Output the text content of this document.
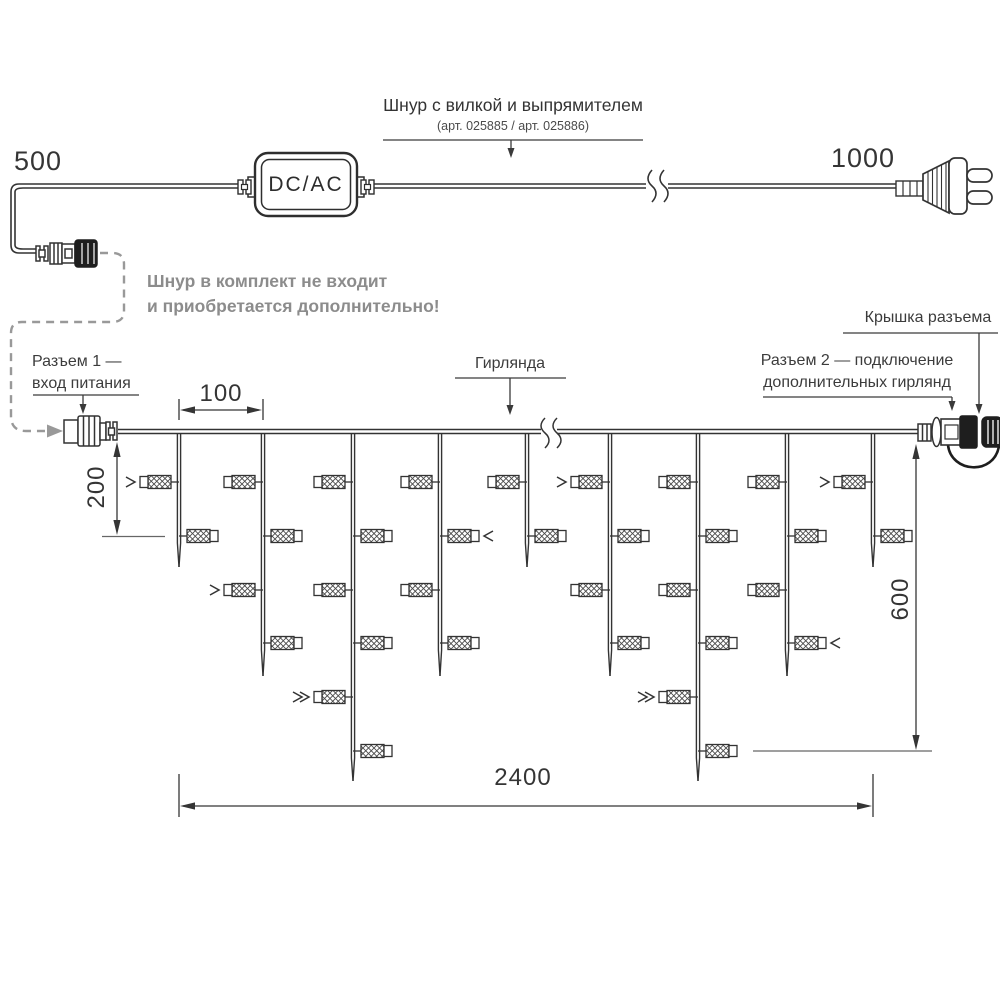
500	1000
Шнур с вилкой и выпрямителем
(арт. 025885 / арт. 025886)
Шнур в комплект не входит
и приобретается дополнительно!
DC/AC
Разъем 1 —
вход питания
Гирлянда
Крышка разъема
Разъем 2 — подключение
дополнительных гирлянд
100
200
600
2400
